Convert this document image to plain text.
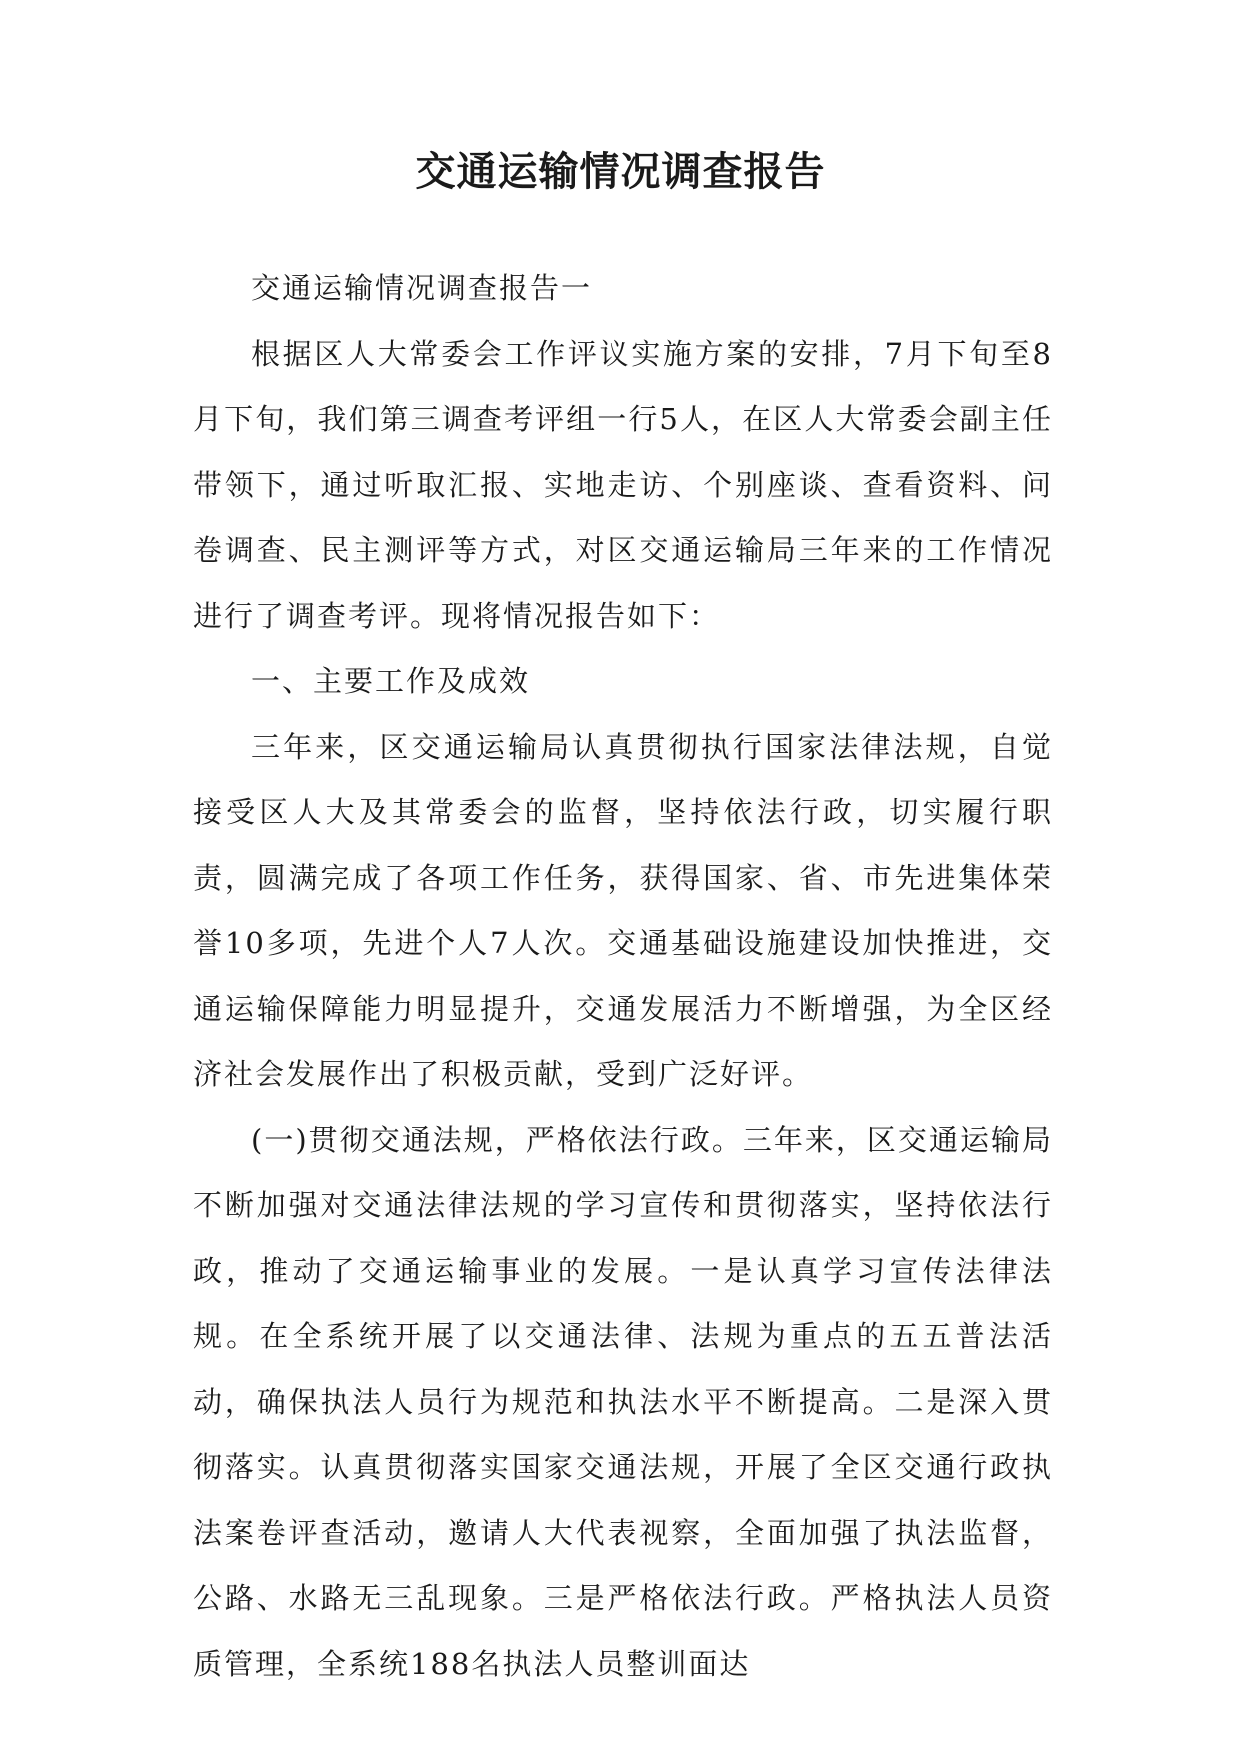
交通运输情况调查报告

交通运输情况调查报告一

根据区人大常委会工作评议实施方案的安排，7月下旬至8月下旬，我们第三调查考评组一行5人，在区人大常委会副主任带领下，通过听取汇报、实地走访、个别座谈、查看资料、问卷调查、民主测评等方式，对区交通运输局三年来的工作情况进行了调查考评。现将情况报告如下：

一、主要工作及成效

三年来，区交通运输局认真贯彻执行国家法律法规，自觉接受区人大及其常委会的监督，坚持依法行政，切实履行职责，圆满完成了各项工作任务，获得国家、省、市先进集体荣誉10多项，先进个人7人次。交通基础设施建设加快推进，交通运输保障能力明显提升，交通发展活力不断增强，为全区经济社会发展作出了积极贡献，受到广泛好评。

(一)贯彻交通法规，严格依法行政。三年来，区交通运输局不断加强对交通法律法规的学习宣传和贯彻落实，坚持依法行政，推动了交通运输事业的发展。一是认真学习宣传法律法规。在全系统开展了以交通法律、法规为重点的五五普法活动，确保执法人员行为规范和执法水平不断提高。二是深入贯彻落实。认真贯彻落实国家交通法规，开展了全区交通行政执法案卷评查活动，邀请人大代表视察，全面加强了执法监督，公路、水路无三乱现象。三是严格依法行政。严格执法人员资质管理，全系统188名执法人员整训面达
